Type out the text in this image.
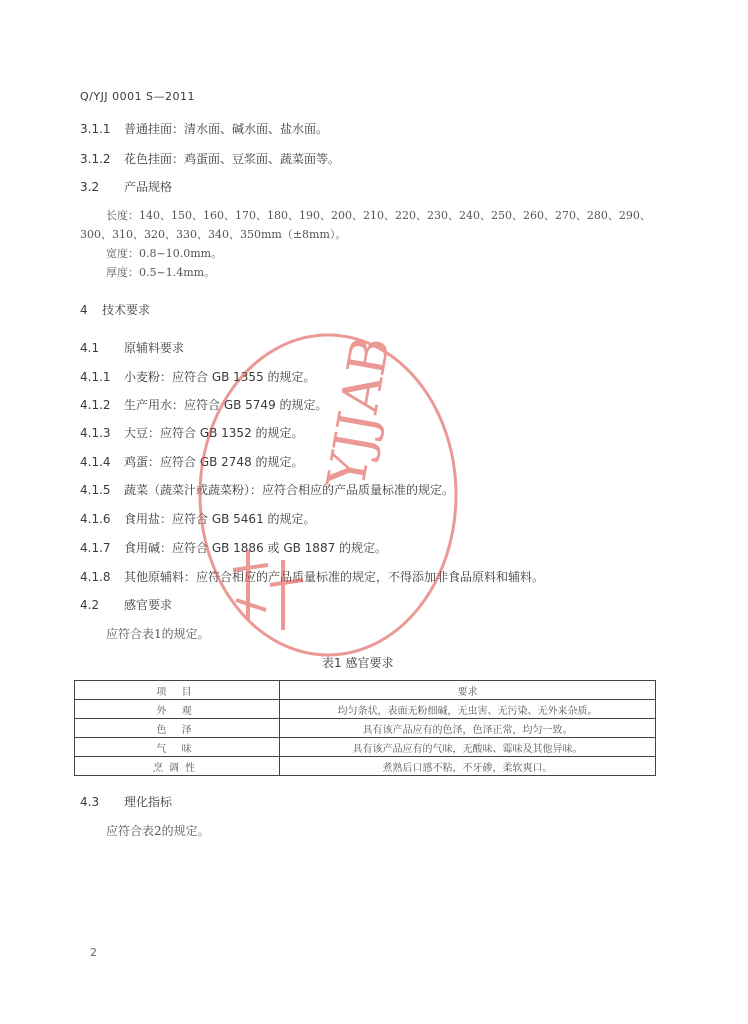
Q/YJJ 0001 S—2011
3.1.1 普通挂面：清水面、碱水面、盐水面。
3.1.2 花色挂面：鸡蛋面、豆浆面、蔬菜面等。
3.2 产品规格
长度：140、150、160、170、180、190、200、210、220、230、240、250、260、270、280、290、
300、310、320、330、340、350mm（±8mm）。
宽度：0.8~10.0mm。
厚度：0.5~1.4mm。
4 技术要求
4.1 原辅料要求
4.1.1 小麦粉：应符合 GB 1355 的规定。
4.1.2 生产用水：应符合 GB 5749 的规定。
4.1.3 大豆：应符合 GB 1352 的规定。
4.1.4 鸡蛋：应符合 GB 2748 的规定。
4.1.5 蔬菜（蔬菜汁或蔬菜粉）：应符合相应的产品质量标准的规定。
4.1.6 食用盐：应符合 GB 5461 的规定。
4.1.7 食用碱：应符合 GB 1886 或 GB 1887 的规定。
4.1.8 其他原辅料：应符合相应的产品质量标准的规定，不得添加非食品原料和辅料。
4.2 感官要求
应符合表1的规定。
表1 感官要求
项 目	要求
外 观	均匀条状，表面无粉细碱，无虫害、无污染、无外来杂质。
色 泽	具有该产品应有的色泽，色泽正常，均匀一致。
气 味	具有该产品应有的气味，无酸味、霉味及其他异味。
烹调性	煮熟后口感不粘，不牙碜，柔软爽口。
4.3 理化指标
应符合表2的规定。
2
YJJAB
